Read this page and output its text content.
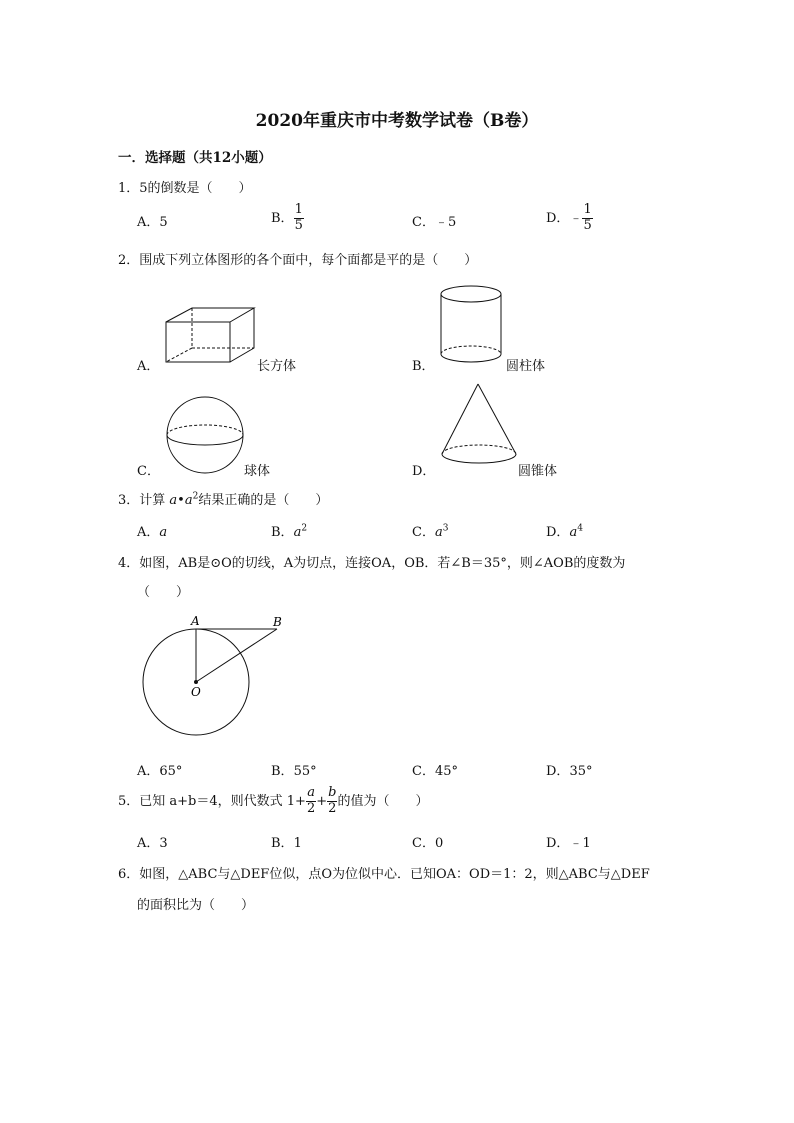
2020年重庆市中考数学试卷（B卷）
一．选择题（共12小题）
1．5的倒数是（　　）
A．5	B． $\frac{1}{5}$	C．﹣5	D．﹣ $\frac{1}{5}$
2．围成下列立体图形的各个面中，每个面都是平的是（　　）
A．	长方体	B．	圆柱体
C．	球体	D．	圆锥体
3．计算 $a•a^2$结果正确的是（　　）
A．a	B．$a^2$	C．$a^3$	D．$a^4$
4．如图，AB是⊙O的切线，A为切点，连接OA，OB．若∠B＝35°，则∠AOB的度数为
（　　）
A	B
O
A．65°	B．55°	C．45°	D．35°
5．已知 a+b＝4，则代数式 $1+ \frac{a}{2} + \frac{b}{2}$ 的值为（　　）
A．3	B．1	C．0	D．﹣1
6．如图，△ABC与△DEF位似，点O为位似中心．已知OA：OD＝1：2，则△ABC与△DEF
的面积比为（　　）
